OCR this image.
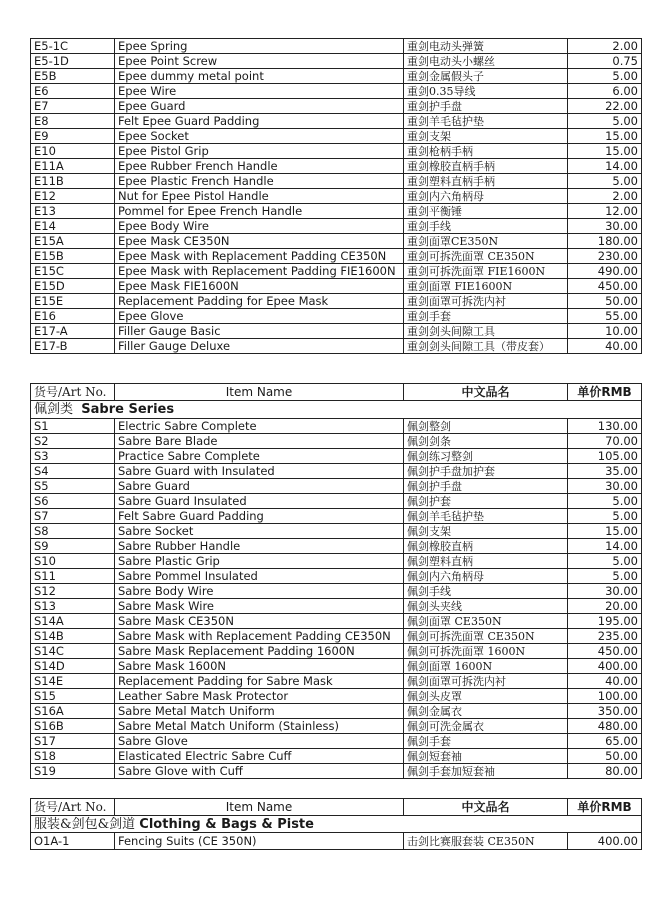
E5-1C	Epee Spring	重剑电动头弹簧	2.00
E5-1D	Epee Point Screw	重剑电动头小螺丝	0.75
E5B	Epee dummy metal point	重剑金属假头子	5.00
E6	Epee Wire	重剑0.35导线	6.00
E7	Epee Guard	重剑护手盘	22.00
E8	Felt Epee Guard Padding	重剑羊毛毡护垫	5.00
E9	Epee Socket	重剑支架	15.00
E10	Epee Pistol Grip	重剑枪柄手柄	15.00
E11A	Epee Rubber French Handle	重剑橡胶直柄手柄	14.00
E11B	Epee Plastic French Handle	重剑塑料直柄手柄	5.00
E12	Nut for Epee Pistol Handle	重剑内六角柄母	2.00
E13	Pommel for Epee French Handle	重剑平衡锤	12.00
E14	Epee Body Wire	重剑手线	30.00
E15A	Epee Mask CE350N	重剑面罩CE350N	180.00
E15B	Epee Mask with Replacement Padding CE350N	重剑可拆洗面罩 CE350N	230.00
E15C	Epee Mask with Replacement Padding FIE1600N	重剑可拆洗面罩 FIE1600N	490.00
E15D	Epee Mask FIE1600N	重剑面罩 FIE1600N	450.00
E15E	Replacement Padding for Epee Mask	重剑面罩可拆洗内衬	50.00
E16	Epee Glove	重剑手套	55.00
E17-A	Filler Gauge Basic	重剑剑头间隙工具	10.00
E17-B	Filler Gauge Deluxe	重剑剑头间隙工具（带皮套）	40.00
货号/Art No.	Item Name	中文品名	单价RMB
佩剑类 Sabre Series			
S1	Electric Sabre Complete	佩剑整剑	130.00
S2	Sabre Bare Blade	佩剑剑条	70.00
S3	Practice Sabre Complete	佩剑练习整剑	105.00
S4	Sabre Guard with Insulated	佩剑护手盘加护套	35.00
S5	Sabre Guard	佩剑护手盘	30.00
S6	Sabre Guard Insulated	佩剑护套	5.00
S7	Felt Sabre Guard Padding	佩剑羊毛毡护垫	5.00
S8	Sabre Socket	佩剑支架	15.00
S9	Sabre Rubber Handle	佩剑橡胶直柄	14.00
S10	Sabre Plastic Grip	佩剑塑料直柄	5.00
S11	Sabre Pommel Insulated	佩剑内六角柄母	5.00
S12	Sabre Body Wire	佩剑手线	30.00
S13	Sabre Mask Wire	佩剑头夹线	20.00
S14A	Sabre Mask CE350N	佩剑面罩 CE350N	195.00
S14B	Sabre Mask with Replacement Padding CE350N	佩剑可拆洗面罩 CE350N	235.00
S14C	Sabre Mask Replacement Padding 1600N	佩剑可拆洗面罩 1600N	450.00
S14D	Sabre Mask 1600N	佩剑面罩 1600N	400.00
S14E	Replacement Padding for Sabre Mask	佩剑面罩可拆洗内衬	40.00
S15	Leather Sabre Mask Protector	佩剑头皮罩	100.00
S16A	Sabre Metal Match Uniform	佩剑金属衣	350.00
S16B	Sabre Metal Match Uniform (Stainless)	佩剑可洗金属衣	480.00
S17	Sabre Glove	佩剑手套	65.00
S18	Elasticated Electric Sabre Cuff	佩剑短套袖	50.00
S19	Sabre Glove with Cuff	佩剑手套加短套袖	80.00
货号/Art No.	Item Name	中文品名	单价RMB
服装&剑包&剑道 Clothing & Bags & Piste			
O1A-1	Fencing Suits (CE 350N)	击剑比赛服套装 CE350N	400.00
